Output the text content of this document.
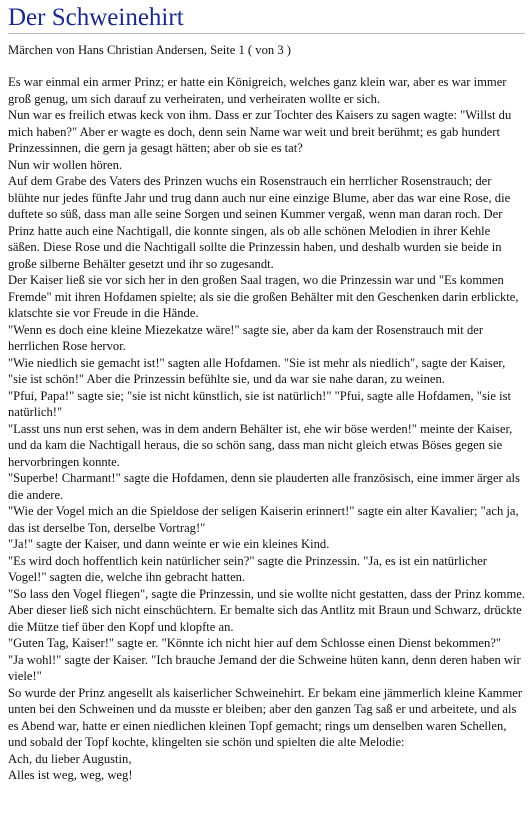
Der Schweinehirt
Märchen von Hans Christian Andersen, Seite 1 ( von 3 )

Es war einmal ein armer Prinz; er hatte ein Königreich, welches ganz klein war, aber es war immer groß genug, um sich darauf zu verheiraten, und verheiraten wollte er sich.

Nun war es freilich etwas keck von ihm. Dass er zur Tochter des Kaisers zu sagen wagte: "Willst du mich haben?" Aber er wagte es doch, denn sein Name war weit und breit berühmt; es gab hundert Prinzessinnen, die gern ja gesagt hätten; aber ob sie es tat?

Nun wir wollen hören.

Auf dem Grabe des Vaters des Prinzen wuchs ein Rosenstrauch ein herrlicher Rosenstrauch; der blühte nur jedes fünfte Jahr und trug dann auch nur eine einzige Blume, aber das war eine Rose, die duftete so süß, dass man alle seine Sorgen und seinen Kummer vergaß, wenn man daran roch. Der Prinz hatte auch eine Nachtigall, die konnte singen, als ob alle schönen Melodien in ihrer Kehle säßen. Diese Rose und die Nachtigall sollte die Prinzessin haben, und deshalb wurden sie beide in große silberne Behälter gesetzt und ihr so zugesandt.

Der Kaiser ließ sie vor sich her in den großen Saal tragen, wo die Prinzessin war und "Es kommen Fremde" mit ihren Hofdamen spielte; als sie die großen Behälter mit den Geschenken darin erblickte, klatschte sie vor Freude in die Hände.

"Wenn es doch eine kleine Miezekatze wäre!" sagte sie, aber da kam der Rosenstrauch mit der herrlichen Rose hervor.

"Wie niedlich sie gemacht ist!" sagten alle Hofdamen. "Sie ist mehr als niedlich", sagte der Kaiser, "sie ist schön!" Aber die Prinzessin befühlte sie, und da war sie nahe daran, zu weinen.

"Pfui, Papa!" sagte sie; "sie ist nicht künstlich, sie ist natürlich!" "Pfui, sagte alle Hofdamen, "sie ist natürlich!"

"Lasst uns nun erst sehen, was in dem andern Behälter ist, ehe wir böse werden!" meinte der Kaiser, und da kam die Nachtigall heraus, die so schön sang, dass man nicht gleich etwas Böses gegen sie hervorbringen konnte.

"Superbe! Charmant!" sagte die Hofdamen, denn sie plauderten alle französisch, eine immer ärger als die andere.

"Wie der Vogel mich an die Spieldose der seligen Kaiserin erinnert!" sagte ein alter Kavalier; "ach ja, das ist derselbe Ton, derselbe Vortrag!"

"Ja!" sagte der Kaiser, und dann weinte er wie ein kleines Kind.

"Es wird doch hoffentlich kein natürlicher sein?" sagte die Prinzessin. "Ja, es ist ein natürlicher Vogel!" sagten die, welche ihn gebracht hatten.

"So lass den Vogel fliegen", sagte die Prinzessin, und sie wollte nicht gestatten, dass der Prinz komme.

Aber dieser ließ sich nicht einschüchtern. Er bemalte sich das Antlitz mit Braun und Schwarz, drückte die Mütze tief über den Kopf und klopfte an.

"Guten Tag, Kaiser!" sagte er. "Könnte ich nicht hier auf dem Schlosse einen Dienst bekommen?"

"Ja wohl!" sagte der Kaiser. "Ich brauche Jemand der die Schweine hüten kann, denn deren haben wir viele!"

So wurde der Prinz angesellt als kaiserlicher Schweinehirt. Er bekam eine jämmerlich kleine Kammer unten bei den Schweinen und da musste er bleiben; aber den ganzen Tag saß er und arbeitete, und als es Abend war, hatte er einen niedlichen kleinen Topf gemacht; rings um denselben waren Schellen, und sobald der Topf kochte, klingelten sie schön und spielten die alte Melodie:

Ach, du lieber Augustin,

Alles ist weg, weg, weg!
